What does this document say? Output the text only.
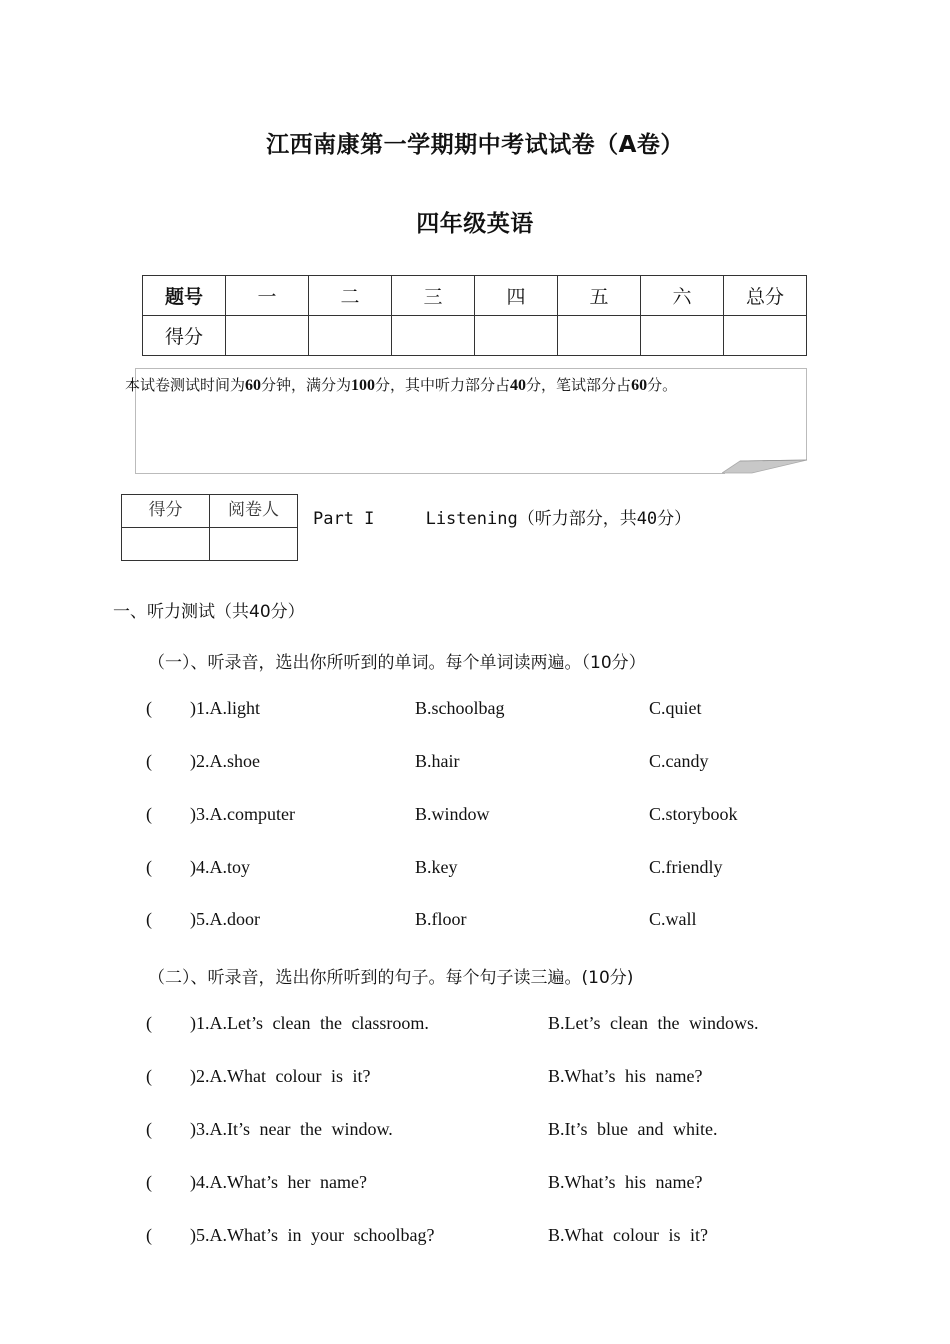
江西南康第一学期期中考试试卷（A卷）
四年级英语
题号	一	二	三	四	五	六	总分
得分							
本试卷测试时间为60分钟，满分为100分，其中听力部分占40分，笔试部分占60分。
得分	阅卷人
	Part I     Listening（听力部分，共40分）
一、听力测试（共40分）
（一）、听录音，选出你所听到的单词。每个单词读两遍。（10分）
( )1.A.light	B.schoolbag	C.quiet
( )2.A.shoe	B.hair	C.candy
( )3.A.computer	B.window	C.storybook
( )4.A.toy	B.key	C.friendly
( )5.A.door	B.floor	C.wall
（二）、听录音，选出你所听到的句子。每个句子读三遍。(10分)
( )1.A.Let’s clean the classroom.	B.Let’s clean the windows.
( )2.A.What colour is it?	B.What’s his name?
( )3.A.It’s near the window.	B.It’s blue and white.
( )4.A.What’s her name?	B.What’s his name?
( )5.A.What’s in your schoolbag?	B.What colour is it?
